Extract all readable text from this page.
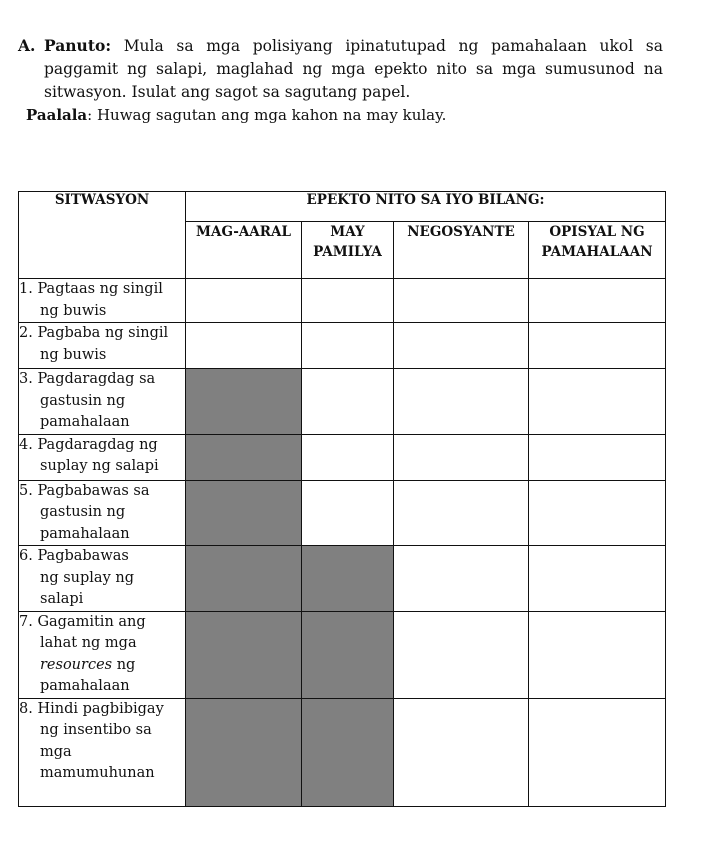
A. Panuto: Mula sa mga polisiyang ipinatutupad ng pamahalaan ukol sa paggamit ng salapi, maglahad ng mga epekto nito sa mga sumusunod na sitwasyon. Isulat ang sagot sa sagutang papel.

Paalala: Huwag sagutan ang mga kahon na may kulay.

SITWASYON	EPEKTO NITO SA IYO BILANG:			
	MAG-AARAL	MAY PAMILYA	NEGOSYANTE	OPISYAL NG PAMAHALAAN

1. Pagtaas ng singil ng buwis				

2. Pagbaba ng singil ng buwis				

3. Pagdaragdag sa gastusin ng pamahalaan				

4. Pagdaragdag ng suplay ng salapi				

5. Pagbabawas sa gastusin ng pamahalaan				

6. Pagbabawas ng suplay ng salapi				

7. Gagamitin ang lahat ng mga resources ng pamahalaan				

8. Hindi pagbibigay ng insentibo sa mga mamumuhunan				
